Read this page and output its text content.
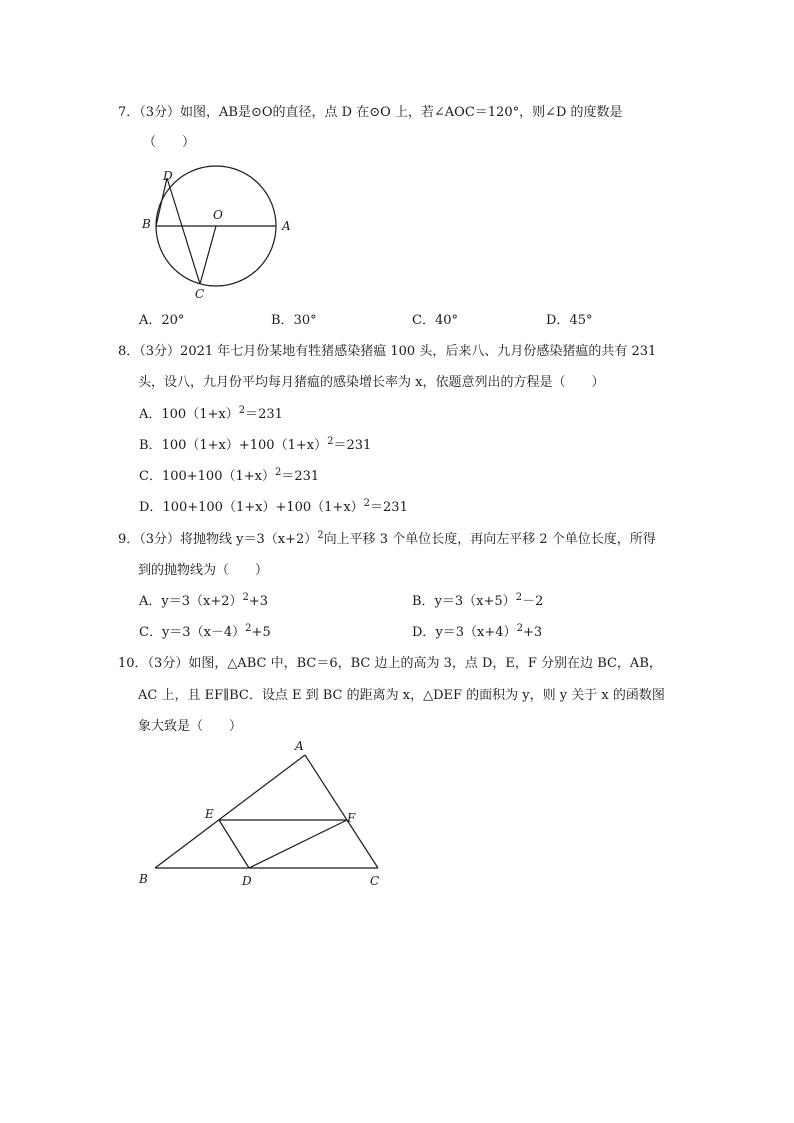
7．（3分）如图，AB是⊙O的直径，点 D 在⊙O 上，若∠AOC＝120°，则∠D 的度数是
（　　）
D
B
O
A
C
A．20°	B．30°	C．40°	D．45°
8．（3分）2021 年七月份某地有牲猪感染猪瘟 100 头，后来八、九月份感染猪瘟的共有 231
头，设八，九月份平均每月猪瘟的感染增长率为 x，依题意列出的方程是（　　）
A．$100(1+x)^2=231$
B．$100(1+x)+100(1+x)^2=231$
C．$100+100(1+x)^2=231$
D．$100+100(1+x)+100(1+x)^2=231$
9．（3分）将抛物线 $y=3(x+2)^2$向上平移 3 个单位长度，再向左平移 2 个单位长度，所得
到的抛物线为（　　）
A．$y=3(x+2)^2+3$	B．$y=3(x+5)^2-2$
C．$y=3(x-4)^2+5$	D．$y=3(x+4)^2+3$
10．（3分）如图，△ABC 中，BC＝6，BC 边上的高为 3，点 D，E，F 分别在边 BC，AB，
AC 上，且 EF∥BC．设点 E 到 BC 的距离为 x，△DEF 的面积为 y，则 y 关于 x 的函数图
象大致是（　　）
A
E	F
B	D	C
